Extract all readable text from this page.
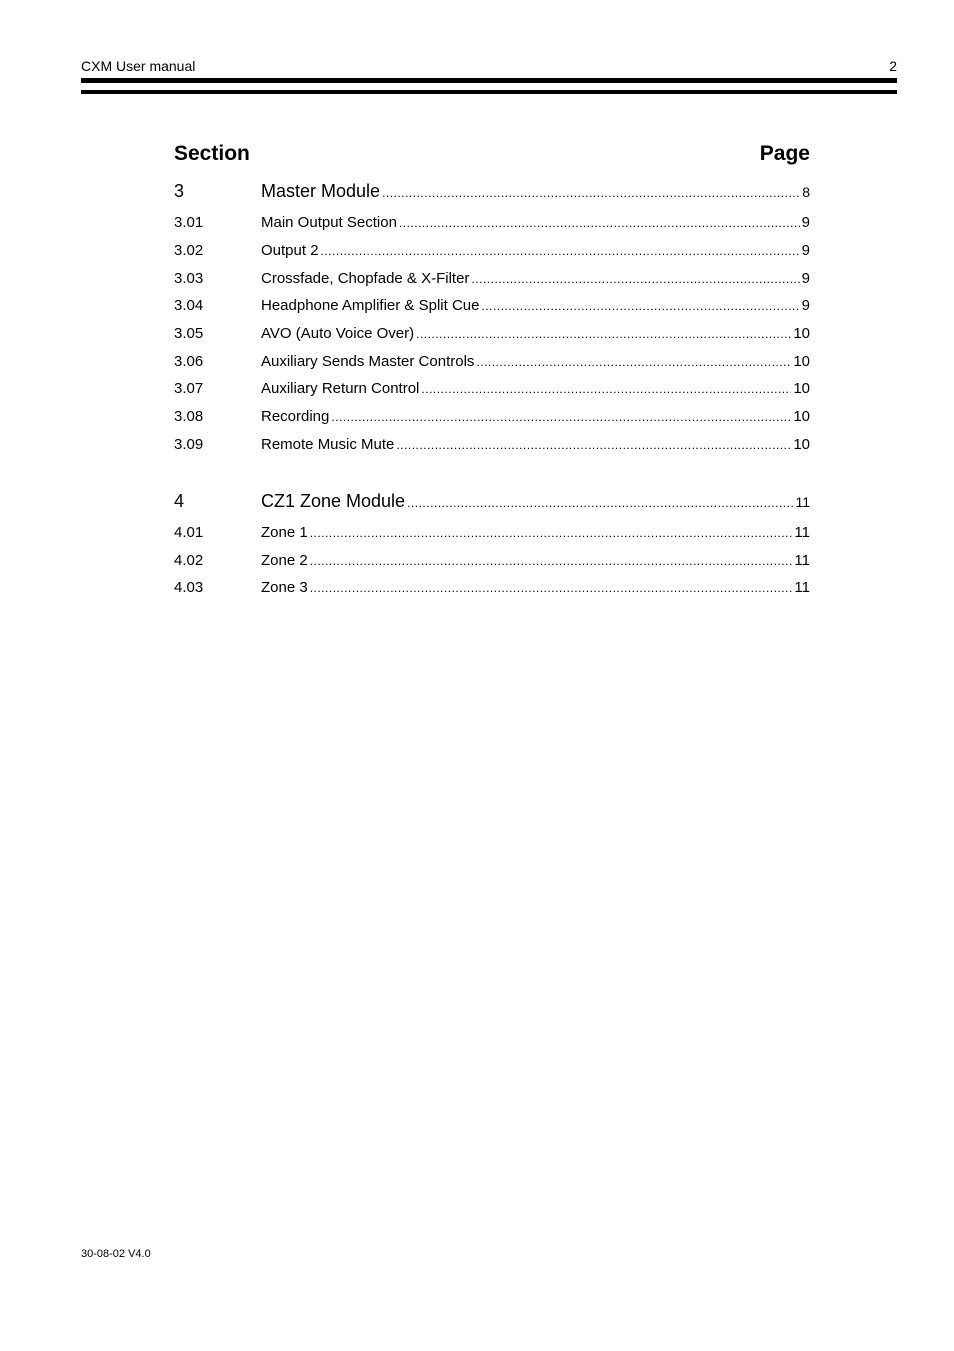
CXM User manual	2
Section	Page
3	Master Module .....	8
3.01	Main Output Section .....	9
3.02	Output 2 .....	9
3.03	Crossfade, Chopfade & X-Filter .....	9
3.04	Headphone Amplifier & Split Cue .....	9
3.05	AVO (Auto Voice Over) .....	10
3.06	Auxiliary Sends Master Controls .....	10
3.07	Auxiliary Return Control .....	10
3.08	Recording .....	10
3.09	Remote Music Mute .....	10
4	CZ1 Zone Module .....	11
4.01	Zone 1 .....	11
4.02	Zone 2 .....	11
4.03	Zone 3 .....	11
30-08-02 V4.0
